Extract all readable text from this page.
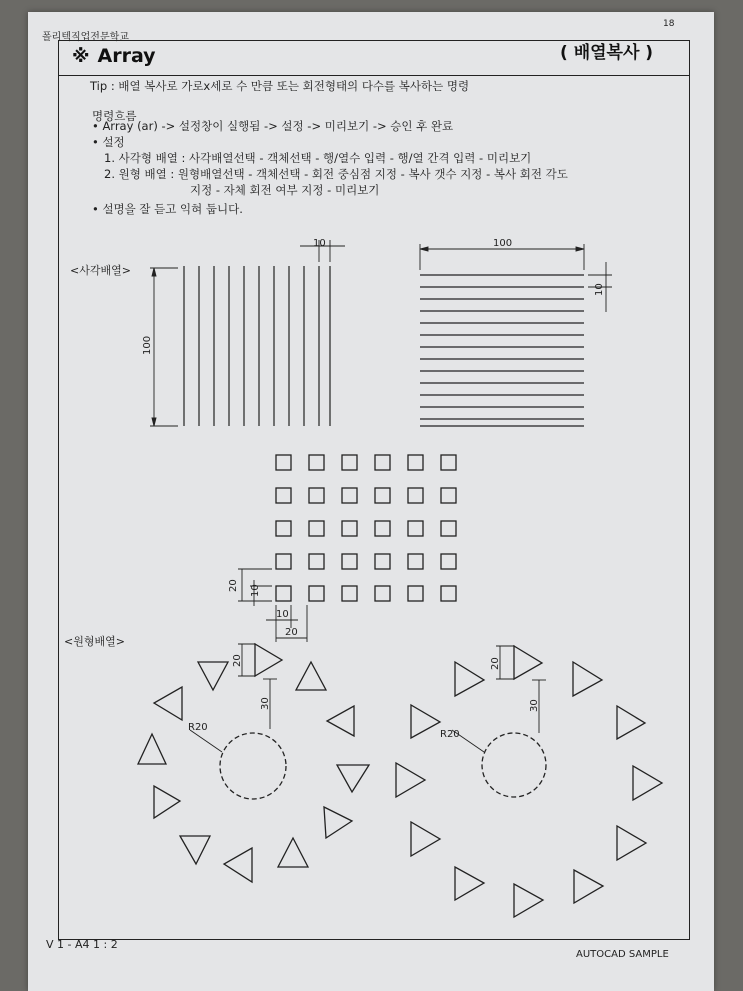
폴리텍직업전문학교
18
※ Array	( 배열복사 )
Tip : 배열 복사로 가로x세로 수 만큼 또는 회전형태의 다수를 복사하는 명령
명령흐름
• Array (ar) -> 설정창이 실행됨 -> 설정 -> 미리보기 -> 승인 후 완료
• 설정
1. 사각형 배열 : 사각배열선택 - 객체선택 - 행/열수 입력 - 행/열 간격 입력 - 미리보기
2. 원형 배열 : 원형배열선택 - 객체선택 - 회전 중심점 지정 - 복사 갯수 지정 - 복사 회전 각도
지정 - 자체 회전 여부 지정 - 미리보기
• 설명을 잘 듣고 익혀 둡니다.
<사각배열>
<원형배열>
10
100
100
10
20 10
10
20
R20
30
20
R20
30
20
V 1 - A4 1 : 2
AUTOCAD SAMPLE
